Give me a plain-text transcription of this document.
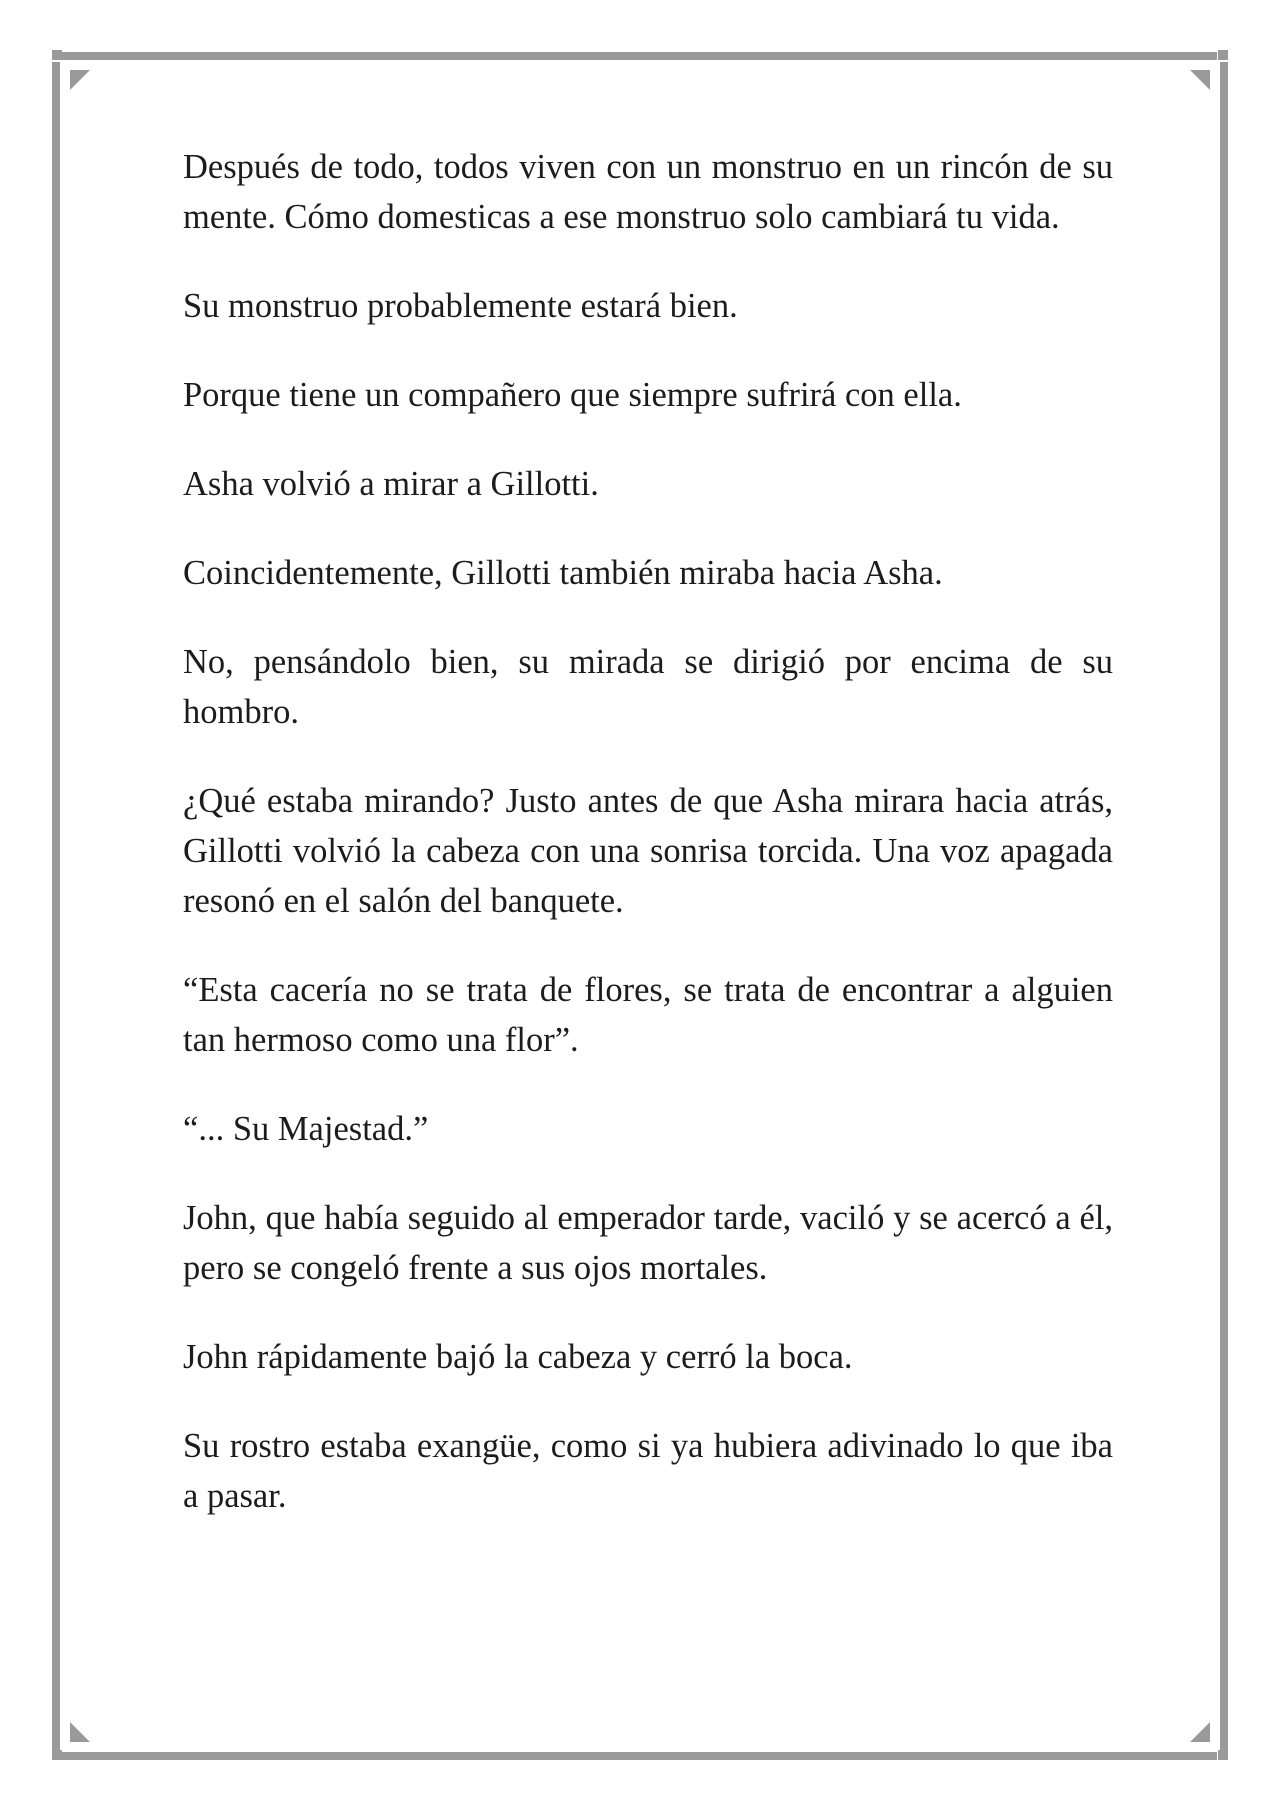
Después de todo, todos viven con un monstruo en un rincón de su mente. Cómo domesticas a ese monstruo solo cambiará tu vida.

Su monstruo probablemente estará bien.

Porque tiene un compañero que siempre sufrirá con ella.

Asha volvió a mirar a Gillotti.

Coincidentemente, Gillotti también miraba hacia Asha.

No, pensándolo bien, su mirada se dirigió por encima de su hombro.

¿Qué estaba mirando? Justo antes de que Asha mirara hacia atrás, Gillotti volvió la cabeza con una sonrisa torcida. Una voz apagada resonó en el salón del banquete.

“Esta cacería no se trata de flores, se trata de encontrar a alguien tan hermoso como una flor”.

“... Su Majestad.”

John, que había seguido al emperador tarde, vaciló y se acercó a él, pero se congeló frente a sus ojos mortales.

John rápidamente bajó la cabeza y cerró la boca.

Su rostro estaba exangüe, como si ya hubiera adivinado lo que iba a pasar.
